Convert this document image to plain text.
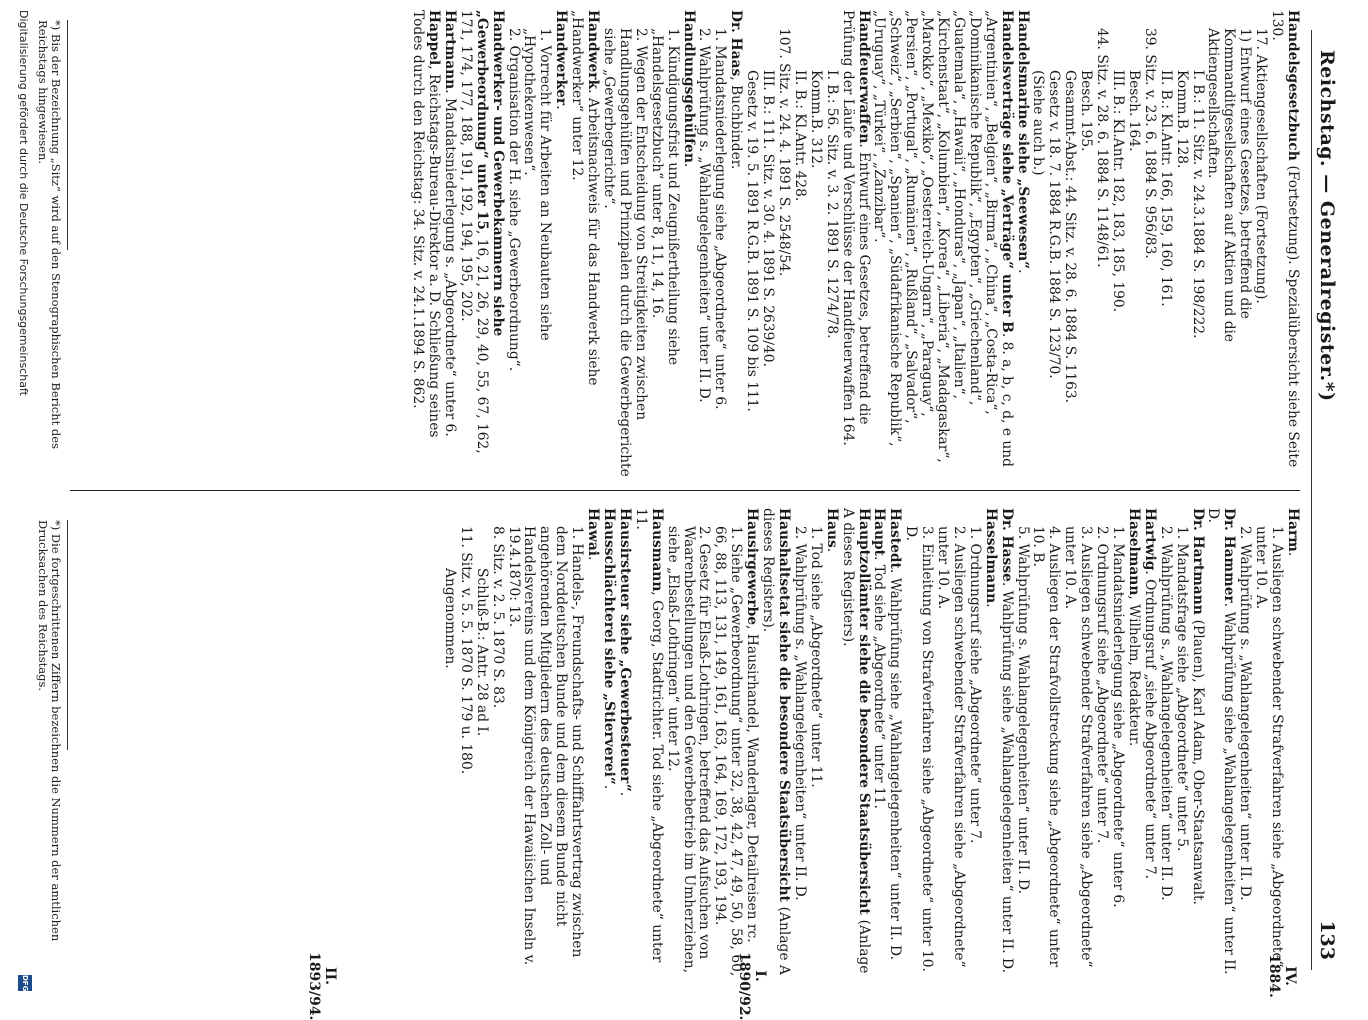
Reichstag. — Generalregister.*)
133

Handelsgesetzbuch (Fortsetzung). Spezialübersicht siehe Seite 130.

17. Aktiengesellschaften (Fortsetzung).

1) Entwurf eines Gesetzes, betreffend die Kommanditgesellschaften auf Aktien und die Aktiengesellschaften.

I. B.: 11. Sitz. v. 24.3.1884 S. 198/222.

Komm.B. 128.

II. B.: Kl.Antr. 166, 159, 160, 161.

39. Sitz. v. 23. 6. 1884 S. 956/83.

Besch. 164.

III. B.: Kl.Antr. 182, 183, 185, 190.

44. Sitz. v. 28. 6. 1884 S. 1148/61.

Besch. 195.

Gesammt-Abst.: 44. Sitz. v. 28. 6. 1884 S. 1163.

Gesetz v. 18. 7. 1884 R.G.B. 1884 S. 123/70.

(Siehe auch b.)

Handelsmarine siehe „Seewesen“.

Handelsverträge siehe „Verträge“ unter B. 8. a, b, c, d, e und

„Argentinien“, „Belgien“, „Birma“, „China“, „Costa-Rica“, „Dominikanische Republik“, „Egypten“, „Griechenland“, „Guatemala“, „Hawaii“, „Honduras“, „Japan“, „Italien“, „Kirchenstaat“, „Kolumbien“, „Korea“, „Liberia“, „Madagaskar“, „Marokko“, „Mexiko“, „Oesterreich-Ungarn“, „Paraguay“, „Persien“, „Portugal“, „Rumänien“, „Rußland“, „Salvador“, „Schweiz“, „Serbien“, „Spanien“, „Südafrikanische Republik“, „Uruguay“, „Türkei“, „Zanzibar“.

Handfeuerwaffen. Entwurf eines Gesetzes, betreffend die Prüfung der Läufe und Verschlüsse der Handfeuerwaffen 164.

I. B.: 56. Sitz. v. 3. 2. 1891 S. 1274/78.

Komm.B. 312.

II. B.: Kl.Antr. 428.

107. Sitz. v. 24. 4. 1891 S. 2548/54.

III. B.: 111. Sitz. v. 30. 4. 1891 S. 2639/40.

Gesetz v. 19. 5. 1891 R.G.B. 1891 S. 109 bis 111.

Dr. Haas, Buchbinder.

1. Mandatsniederlegung siehe „Abgeordnete“ unter 6.

2. Wahlprüfung s. „Wahlangelegenheiten“ unter II. D.

Handlungsgehülfen.

1. Kündigungsfrist und Zeugnißertheilung siehe „Handelsgesetzbuch“ unter 8, 11, 14, 16.

2. Wegen der Entscheidung von Streitigkeiten zwischen Handlungsgehülfen und Prinzipalen durch die Gewerbegerichte siehe „Gewerbegerichte“.

Handwerk. Arbeitsnachweis für das Handwerk siehe „Handwerker“ unter 12.

Handwerker.

1. Vorrecht für Arbeiten an Neubauten siehe „Hypothekenwesen“.

2. Organisation der H. siehe „Gewerbeordnung“.

Handwerker- und Gewerbekammern siehe „Gewerbeordnung“ unter 15, 16, 21, 26, 29, 40, 55, 67, 162, 171, 174, 177, 188, 191, 192, 194, 195, 202.

Hartmann. Mandatsniederlegung s. „Abgeordnete“ unter 6.

Happel, Reichstags-Bureau-Direktor a. D. Schließung seines Todes durch den Reichstag: 34. Sitz. v. 24.1.1894 S. 862.

Harm.

1. Ausliegen schwebender Strafverfahren siehe „Abgeordnete“ unter 10. A.

2. Wahlprüfung s. „Wahlangelegenheiten“ unter II. D.

Dr. Hammer. Wahlprüfung siehe „Wahlangelegenheiten“ unter II. D.

Dr. Hartmann (Plauen), Karl Adam, Ober-Staatsanwalt.

1. Mandatsfrage siehe „Abgeordnete“ unter 5.

2. Wahlprüfung s. „Wahlangelegenheiten“ unter II. D.

Hartwig. Ordnungsruf „siehe Abgeordnete“ unter 7.

Haselmann, Wilhelm, Redakteur.

1. Mandatsniederlegung siehe „Abgeordnete“ unter 6.

2. Ordnungsruf siehe „Abgeordnete“ unter 7.

3. Ausliegen schwebender Strafverfahren siehe „Abgeordnete“ unter 10. A.

4. Ausliegen der Strafvollstreckung siehe „Abgeordnete“ unter 10. B.

5. Wahlprüfung s. Wahlangelegenheiten“ unter II. D.

Dr. Hasse. Wahlprüfung siehe „Wahlangelegenheiten“ unter II. D.

Hasselmann.

1. Ordnungsruf siehe „Abgeordnete“ unter 7.

2. Ausliegen schwebender Strafverfahren siehe „Abgeordnete“ unter 10. A.

3. Einleitung von Strafverfahren siehe „Abgeordnete“ unter 10. D.

Hastedt. Wahlprüfung siehe „Wahlangelegenheiten“ unter II. D.

Haupt. Tod siehe „Abgeordnete“ unter 11.

Hauptzollämter siehe die besondere Staatsübersicht (Anlage A dieses Registers).

Haus.

1. Tod siehe „Abgeordnete“ unter 11.

2. Wahlprüfung s. „Wahlangelegenheiten“ unter II. D.

Haushaltsetat siehe die besondere Staatsübersicht (Anlage A dieses Registers).

Hausirgewerbe, Hausirhandel, Wanderlager, Detailreisen rc.

1. Siehe „Gewerbeordnung“ unter 32, 38, 42, 47, 49, 50, 58, 60, 66, 88, 113, 131, 149, 161, 163, 164, 169, 172, 193, 194.

2. Gesetz für Elsaß-Lothringen, betreffend das Aufsuchen von Waarenbestellungen und den Gewerbebetrieb im Umherziehen, siehe „Elsaß-Lothringen“ unter 12.

Hausmann, Georg, Stadtrichter. Tod siehe „Abgeordnete“ unter 11.

Hausirsteuer siehe „Gewerbesteuer“.

Hausschlächterei siehe „Stierverei“.

Hawai.

1. Handels-, Freundschafts- und Schifffahrtsvertrag zwischen dem Norddeutschen Bunde und dem diesem Bunde nicht angehörenden Mitgliedern des deutschen Zoll- und Handelsvereins und dem Königreich der Hawaiischen Inseln v. 19.4.1870: 13.

8. Sitz. v. 2. 5. 1870 S. 83.

Schluß-B.: Antr. 28 ad I.

11. Sitz. v. 5. 5. 1870 S. 179 u. 180.

Angenommen.

IV.
1884.
I.
1890/92.
II.
1893/94.
*) Bis der Bezeichnung „Sitz“ wird auf den Stenographischen Bericht des Reichstags hingewiesen.
*) Die fortgeschrittenen Ziffern bezeichnen die Nummern der amtlichen Drucksachen des Reichstags.
Digitalisierung gefördert durch die Deutsche Forschungsgemeinschaft
DFG
